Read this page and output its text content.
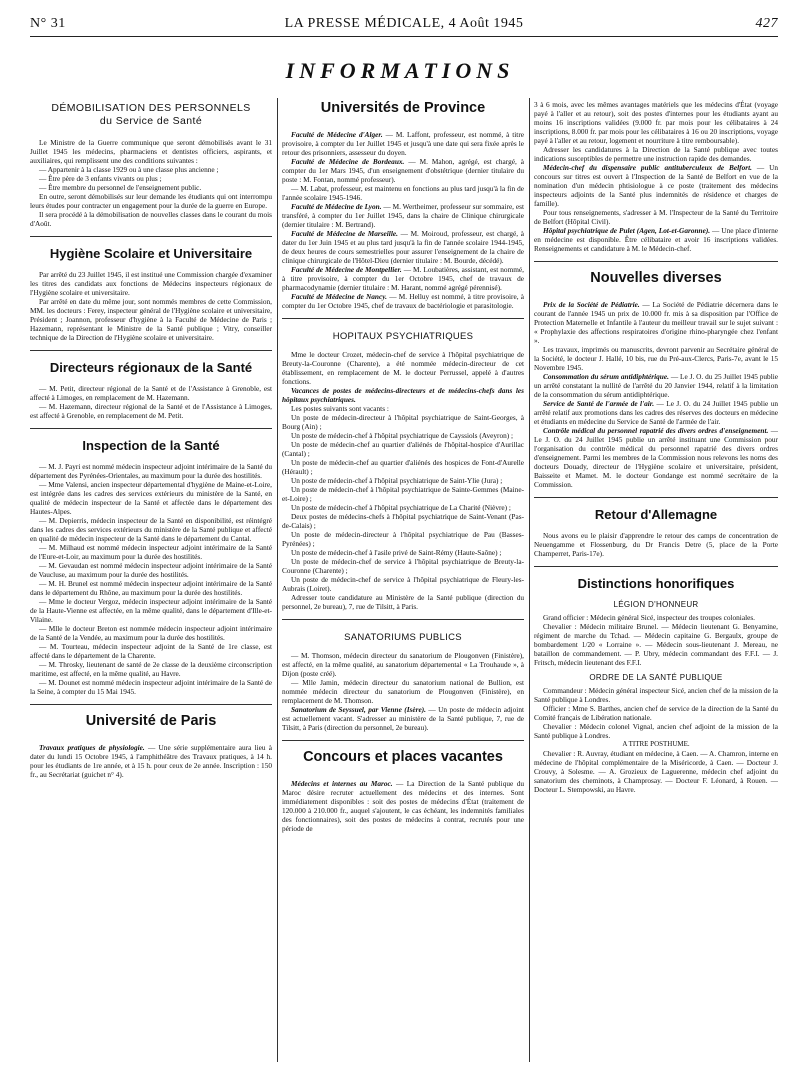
N° 31	LA PRESSE MÉDICALE, 4 Août 1945	427
INFORMATIONS
DÉMOBILISATION DES PERSONNELS
du Service de Santé

Le Ministre de la Guerre communique que seront démobilisés avant le 31 Juillet 1945 les médecins, pharmaciens et dentistes officiers, aspirants, et auxiliaires, qui remplissent une des conditions suivantes :

— Appartenir à la classe 1929 ou à une classe plus ancienne ;

— Être père de 3 enfants vivants ou plus ;

— Être membre du personnel de l'enseignement public.

En outre, seront démobilisés sur leur demande les étudiants qui ont interrompu leurs études pour contracter un engagement pour la durée de la guerre en Europe.

Il sera procédé à la démobilisation de nouvelles classes dans le courant du mois d'Août.

Hygiène Scolaire et Universitaire

Par arrêté du 23 Juillet 1945, il est institué une Commission chargée d'examiner les titres des candidats aux fonctions de Médecins inspecteurs régionaux de l'Hygiène scolaire et universitaire.

Par arrêté en date du même jour, sont nommés membres de cette Commission, MM. les docteurs : Ferey, inspecteur général de l'Hygiène scolaire et universitaire, Président ; Joannon, professeur d'hygiène à la Faculté de Médecine de Paris ; Hazemann, représentant le Ministre de la Santé publique ; Vitry, conseiller technique de la Direction de l'Hygiène scolaire et universitaire.

Directeurs régionaux de la Santé

— M. Petit, directeur régional de la Santé et de l'Assistance à Grenoble, est affecté à Limoges, en remplacement de M. Hazemann.

— M. Hazemann, directeur régional de la Santé et de l'Assistance à Limoges, est affecté à Grenoble, en remplacement de M. Petit.

Inspection de la Santé

— M. J. Payri est nommé médecin inspecteur adjoint intérimaire de la Santé du département des Pyrénées-Orientales, au maximum pour la durée des hostilités.

— Mme Valensi, ancien inspecteur départemental d'hygiène de Maine-et-Loire, est intégrée dans les cadres des services extérieurs du ministère de la Santé, en qualité de médecin inspecteur de la Santé et affectée dans le département des Hautes-Alpes.

— M. Depierris, médecin inspecteur de la Santé en disponibilité, est réintégré dans les cadres des services extérieurs du ministère de la Santé publique et affecté en qualité de médecin inspecteur de la Santé dans le département du Cantal.

— M. Milhaud est nommé médecin inspecteur adjoint intérimaire de la Santé de l'Eure-et-Loir, au maximum pour la durée des hostilités.

— M. Gevaudan est nommé médecin inspecteur adjoint intérimaire de la Santé de Vaucluse, au maximum pour la durée des hostilités.

— M. H. Brunel est nommé médecin inspecteur adjoint intérimaire de la Santé dans le département du Rhône, au maximum pour la durée des hostilités.

— Mme le docteur Vergoz, médecin inspecteur adjoint intérimaire de la Santé de la Haute-Vienne est affectée, en la même qualité, dans le département d'Ille-et-Vilaine.

— Mlle le docteur Breton est nommée médecin inspecteur adjoint intérimaire de la Santé de la Vendée, au maximum pour la durée des hostilités.

— M. Tourteau, médecin inspecteur adjoint de la Santé de 1re classe, est affecté dans le département de la Charente.

— M. Throsky, lieutenant de santé de 2e classe de la deuxième circonscription maritime, est affecté, en la même qualité, au Havre.

— M. Dounet est nommé médecin inspecteur adjoint intérimaire de la Santé de la Seine, à compter du 15 Mai 1945.

Université de Paris

Travaux pratiques de physiologie. — Une série supplémentaire aura lieu à dater du lundi 15 Octobre 1945, à l'amphithéâtre des Travaux pratiques, à 14 h. pour les étudiants de 1re année, et à 15 h. pour ceux de 2e année. Inscription : 150 fr., au Secrétariat (guichet n° 4).

Universités de Province

Faculté de Médecine d'Alger. — M. Laffont, professeur, est nommé, à titre provisoire, à compter du 1er Juillet 1945 et jusqu'à une date qui sera fixée après le retour des prisonniers, assesseur du doyen.

Faculté de Médecine de Bordeaux. — M. Mahon, agrégé, est chargé, à compter du 1er Mars 1945, d'un enseignement d'obstétrique (dernier titulaire du poste : M. Fontan, nommé professeur).

— M. Labat, professeur, est maintenu en fonctions au plus tard jusqu'à la fin de l'année scolaire 1945-1946.

Faculté de Médecine de Lyon. — M. Wertheimer, professeur sur sommaire, est transféré, à compter du 1er Juillet 1945, dans la chaire de Clinique chirurgicale (dernier titulaire : M. Bertrand).

Faculté de Médecine de Marseille. — M. Moiroud, professeur, est chargé, à dater du 1er Juin 1945 et au plus tard jusqu'à la fin de l'année scolaire 1944-1945, de deux heures de cours semestrielles pour assurer l'enseignement de la chaire de clinique chirurgicale de l'Hôtel-Dieu (dernier titulaire : M. Bourde, décédé).

Faculté de Médecine de Montpellier. — M. Loubatières, assistant, est nommé, à titre provisoire, à compter du 1er Octobre 1945, chef de travaux de pharmacodynamie (dernier titulaire : M. Harant, nommé agrégé pérennisé).

Faculté de Médecine de Nancy. — M. Helluy est nommé, à titre provisoire, à compter du 1er Octobre 1945, chef de travaux de bactériologie et parasitologie.

HOPITAUX PSYCHIATRIQUES

Mme le docteur Crozet, médecin-chef de service à l'hôpital psychiatrique de Breuty-la-Couronne (Charente), a été nommée médecin-directeur de cet établissement, en remplacement de M. le docteur Perrussel, appelé à d'autres fonctions.

Vacances de postes de médecins-directeurs et de médecins-chefs dans les hôpitaux psychiatriques.

Les postes suivants sont vacants :

Un poste de médecin-directeur à l'hôpital psychiatrique de Saint-Georges, à Bourg (Ain) ;

Un poste de médecin-chef à l'hôpital psychiatrique de Cayssiols (Aveyron) ;

Un poste de médecin-chef au quartier d'aliénés de l'hôpital-hospice d'Aurillac (Cantal) ;

Un poste de médecin-chef au quartier d'aliénés des hospices de Font-d'Aurelle (Hérault) ;

Un poste de médecin-chef à l'hôpital psychiatrique de Saint-Ylie (Jura) ;

Un poste de médecin-chef à l'hôpital psychiatrique de Sainte-Gemmes (Maine-et-Loire) ;

Un poste de médecin-chef à l'hôpital psychiatrique de La Charité (Nièvre) ;

Deux postes de médecins-chefs à l'hôpital psychiatrique de Saint-Venant (Pas-de-Calais) ;

Un poste de médecin-directeur à l'hôpital psychiatrique de Pau (Basses-Pyrénées) ;

Un poste de médecin-chef à l'asile privé de Saint-Rémy (Haute-Saône) ;

Un poste de médecin-chef de service à l'hôpital psychiatrique de Breuty-la-Couronne (Charente) ;

Un poste de médecin-chef de service à l'hôpital psychiatrique de Fleury-les-Aubrais (Loiret).

Adresser toute candidature au Ministère de la Santé publique (direction du personnel, 2e bureau), 7, rue de Tilsitt, à Paris.

SANATORIUMS PUBLICS

— M. Thomson, médecin directeur du sanatorium de Plougonven (Finistère), est affecté, en la même qualité, au sanatorium départemental « La Trouhaude », à Dijon (poste créé).

— Mlle Jamin, médecin directeur du sanatorium national de Bullion, est nommée médecin directeur du sanatorium de Plougonven (Finistère), en remplacement de M. Thomson.

Sanatorium de Seyssuel, par Vienne (Isère). — Un poste de médecin adjoint est actuellement vacant. S'adresser au ministère de la Santé publique, 7, rue de Tilsitt, à Paris (direction du personnel, 2e bureau).

Concours et places vacantes

Médecins et internes au Maroc. — La Direction de la Santé publique du Maroc désire recruter actuellement des médecins et des internes. Sont immédiatement disponibles : soit des postes de médecins d'État (traitement de 120.000 à 210.000 fr., auquel s'ajoutent, le cas échéant, les indemnités familiales des fonctionnaires), soit des postes de médecins à contrat, recrutés pour une période de

3 à 6 mois, avec les mêmes avantages matériels que les médecins d'État (voyage payé à l'aller et au retour), soit des postes d'internes pour les étudiants ayant au moins 16 inscriptions validées (9.000 fr. par mois pour les célibataires à 24 inscriptions, 8.000 fr. par mois pour les célibataires à 16 ou 20 inscriptions, voyage payé à l'aller et au retour, logement et nourriture à titre remboursable).

Adresser les candidatures à la Direction de la Santé publique avec toutes indications susceptibles de permettre une instruction rapide des demandes.

Médecin-chef du dispensaire public antituberculeux de Belfort. — Un concours sur titres est ouvert à l'Inspection de la Santé de Belfort en vue de la nomination d'un médecin phtisiologue à ce poste (traitement des médecins inspecteurs adjoints de la Santé plus indemnités de résidence et charges de famille).

Pour tous renseignements, s'adresser à M. l'Inspecteur de la Santé du Territoire de Belfort (Hôpital Civil).

Hôpital psychiatrique de Pulet (Agen, Lot-et-Garonne). — Une place d'interne en médecine est disponible. Être célibataire et avoir 16 inscriptions validées. Renseignements et candidature à M. le Médecin-chef.

Nouvelles diverses

Prix de la Société de Pédiatrie. — La Société de Pédiatrie décernera dans le courant de l'année 1945 un prix de 10.000 fr. mis à sa disposition par l'Office de Protection Maternelle et Infantile à l'auteur du meilleur travail sur le sujet suivant : « Prophylaxie des affections respiratoires d'origine rhino-pharyngée chez l'enfant ».

Les travaux, imprimés ou manuscrits, devront parvenir au Secrétaire général de la Société, le docteur J. Hallé, 10 bis, rue du Pré-aux-Clercs, Paris-7e, avant le 15 Novembre 1945.

Consommation du sérum antidiphtérique. — Le J. O. du 25 Juillet 1945 publie un arrêté constatant la nullité de l'arrêté du 20 Janvier 1944, relatif à la limitation de la consommation du sérum antidiphtérique.

Service de Santé de l'armée de l'air. — Le J. O. du 24 Juillet 1945 publie un arrêté relatif aux promotions dans les cadres des réserves des docteurs en médecine et étudiants en médecine du Service de Santé de l'armée de l'air.

Contrôle médical du personnel rapatrié des divers ordres d'enseignement. — Le J. O. du 24 Juillet 1945 publie un arrêté instituant une Commission pour l'organisation du contrôle médical du personnel rapatrié des divers ordres d'enseignement. Parmi les membres de la Commission nous relevons les noms des docteurs Douady, directeur de l'Hygiène scolaire et universitaire, président, Baisseite et Mamet. M. le docteur Gondange est nommé secrétaire de la Commission.

Retour d'Allemagne

Nous avons eu le plaisir d'apprendre le retour des camps de concentration de Neuengamme et Flossenburg, du Dr Francis Detre (5, place de la Porte Champerret, Paris-17e).

Distinctions honorifiques
LÉGION D'HONNEUR

Grand officier : Médecin général Sicé, inspecteur des troupes coloniales.

Chevalier : Médecin militaire Brunel. — Médecin lieutenant G. Benyamine, régiment de marche du Tchad. — Médecin capitaine G. Bergaulx, groupe de bombardement 1/20 « Lorraine ». — Médecin sous-lieutenant J. Mereau, ne bataillon de commandement. — P. Ubry, médecin commandant des F.F.I. — J. Fritsch, médecin lieutenant des F.F.I.

ORDRE DE LA SANTÉ PUBLIQUE

Commandeur : Médecin général inspecteur Sicé, ancien chef de la mission de la Santé publique à Londres.

Officier : Mme S. Barthes, ancien chef de service de la direction de la Santé du Comité français de Libération nationale.

Chevalier : Médecin colonel Vignal, ancien chef adjoint de la mission de la Santé publique à Londres.

A TITRE POSTHUME.

Chevalier : R. Auvray, étudiant en médecine, à Caen. — A. Chamron, interne en médecine de l'hôpital complémentaire de la Miséricorde, à Caen. — Docteur J. Crouvy, à Solesme. — A. Grozieux de Laguerenne, médecin chef adjoint du sanatorium des cheminots, à Champrosay. — Docteur F. Léonard, à Rouen. — Docteur L. Stempowski, au Havre.
